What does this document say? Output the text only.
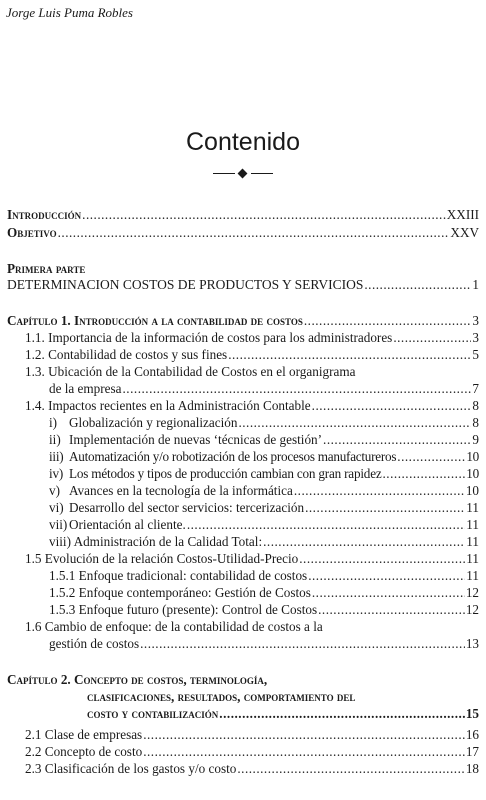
Jorge Luis Puma Robles
Contenido
Introducción .....	XXIII
Objetivo .....	XXV
Primera parte
DETERMINACION COSTOS DE PRODUCTOS Y SERVICIOS .....	1
Capítulo 1. Introducción a la contabilidad de costos .....	3
1.1. Importancia de la información de costos para los administradores .....	3
1.2. Contabilidad de costos y sus fines .....	5
1.3. Ubicación de la Contabilidad de Costos en el organigrama
de la empresa .....	7
1.4. Impactos recientes en la Administración Contable .....	8
i) Globalización y regionalización .....	8
ii) Implementación de nuevas ‘técnicas de gestión’ .....	9
iii) Automatización y/o robotización de los procesos manufactureros .....	10
iv) Los métodos y tipos de producción cambian con gran rapidez .....	10
v) Avances en la tecnología de la informática .....	10
vi) Desarrollo del sector servicios: tercerización .....	11
vii) Orientación al cliente. .....	11
viii) Administración de la Calidad Total: .....	11
1.5 Evolución de la relación Costos-Utilidad-Precio .....	11
1.5.1 Enfoque tradicional: contabilidad de costos .....	11
1.5.2 Enfoque contemporáneo: Gestión de Costos .....	12
1.5.3 Enfoque futuro (presente): Control de Costos .....	12
1.6 Cambio de enfoque: de la contabilidad de costos a la
gestión de costos .....	13
Capítulo 2. Concepto de costos, terminología,
clasificaciones, resultados, comportamiento del
costo y contabilización .....	15
2.1 Clase de empresas .....	16
2.2 Concepto de costo .....	17
2.3 Clasificación de los gastos y/o costo .....	18
